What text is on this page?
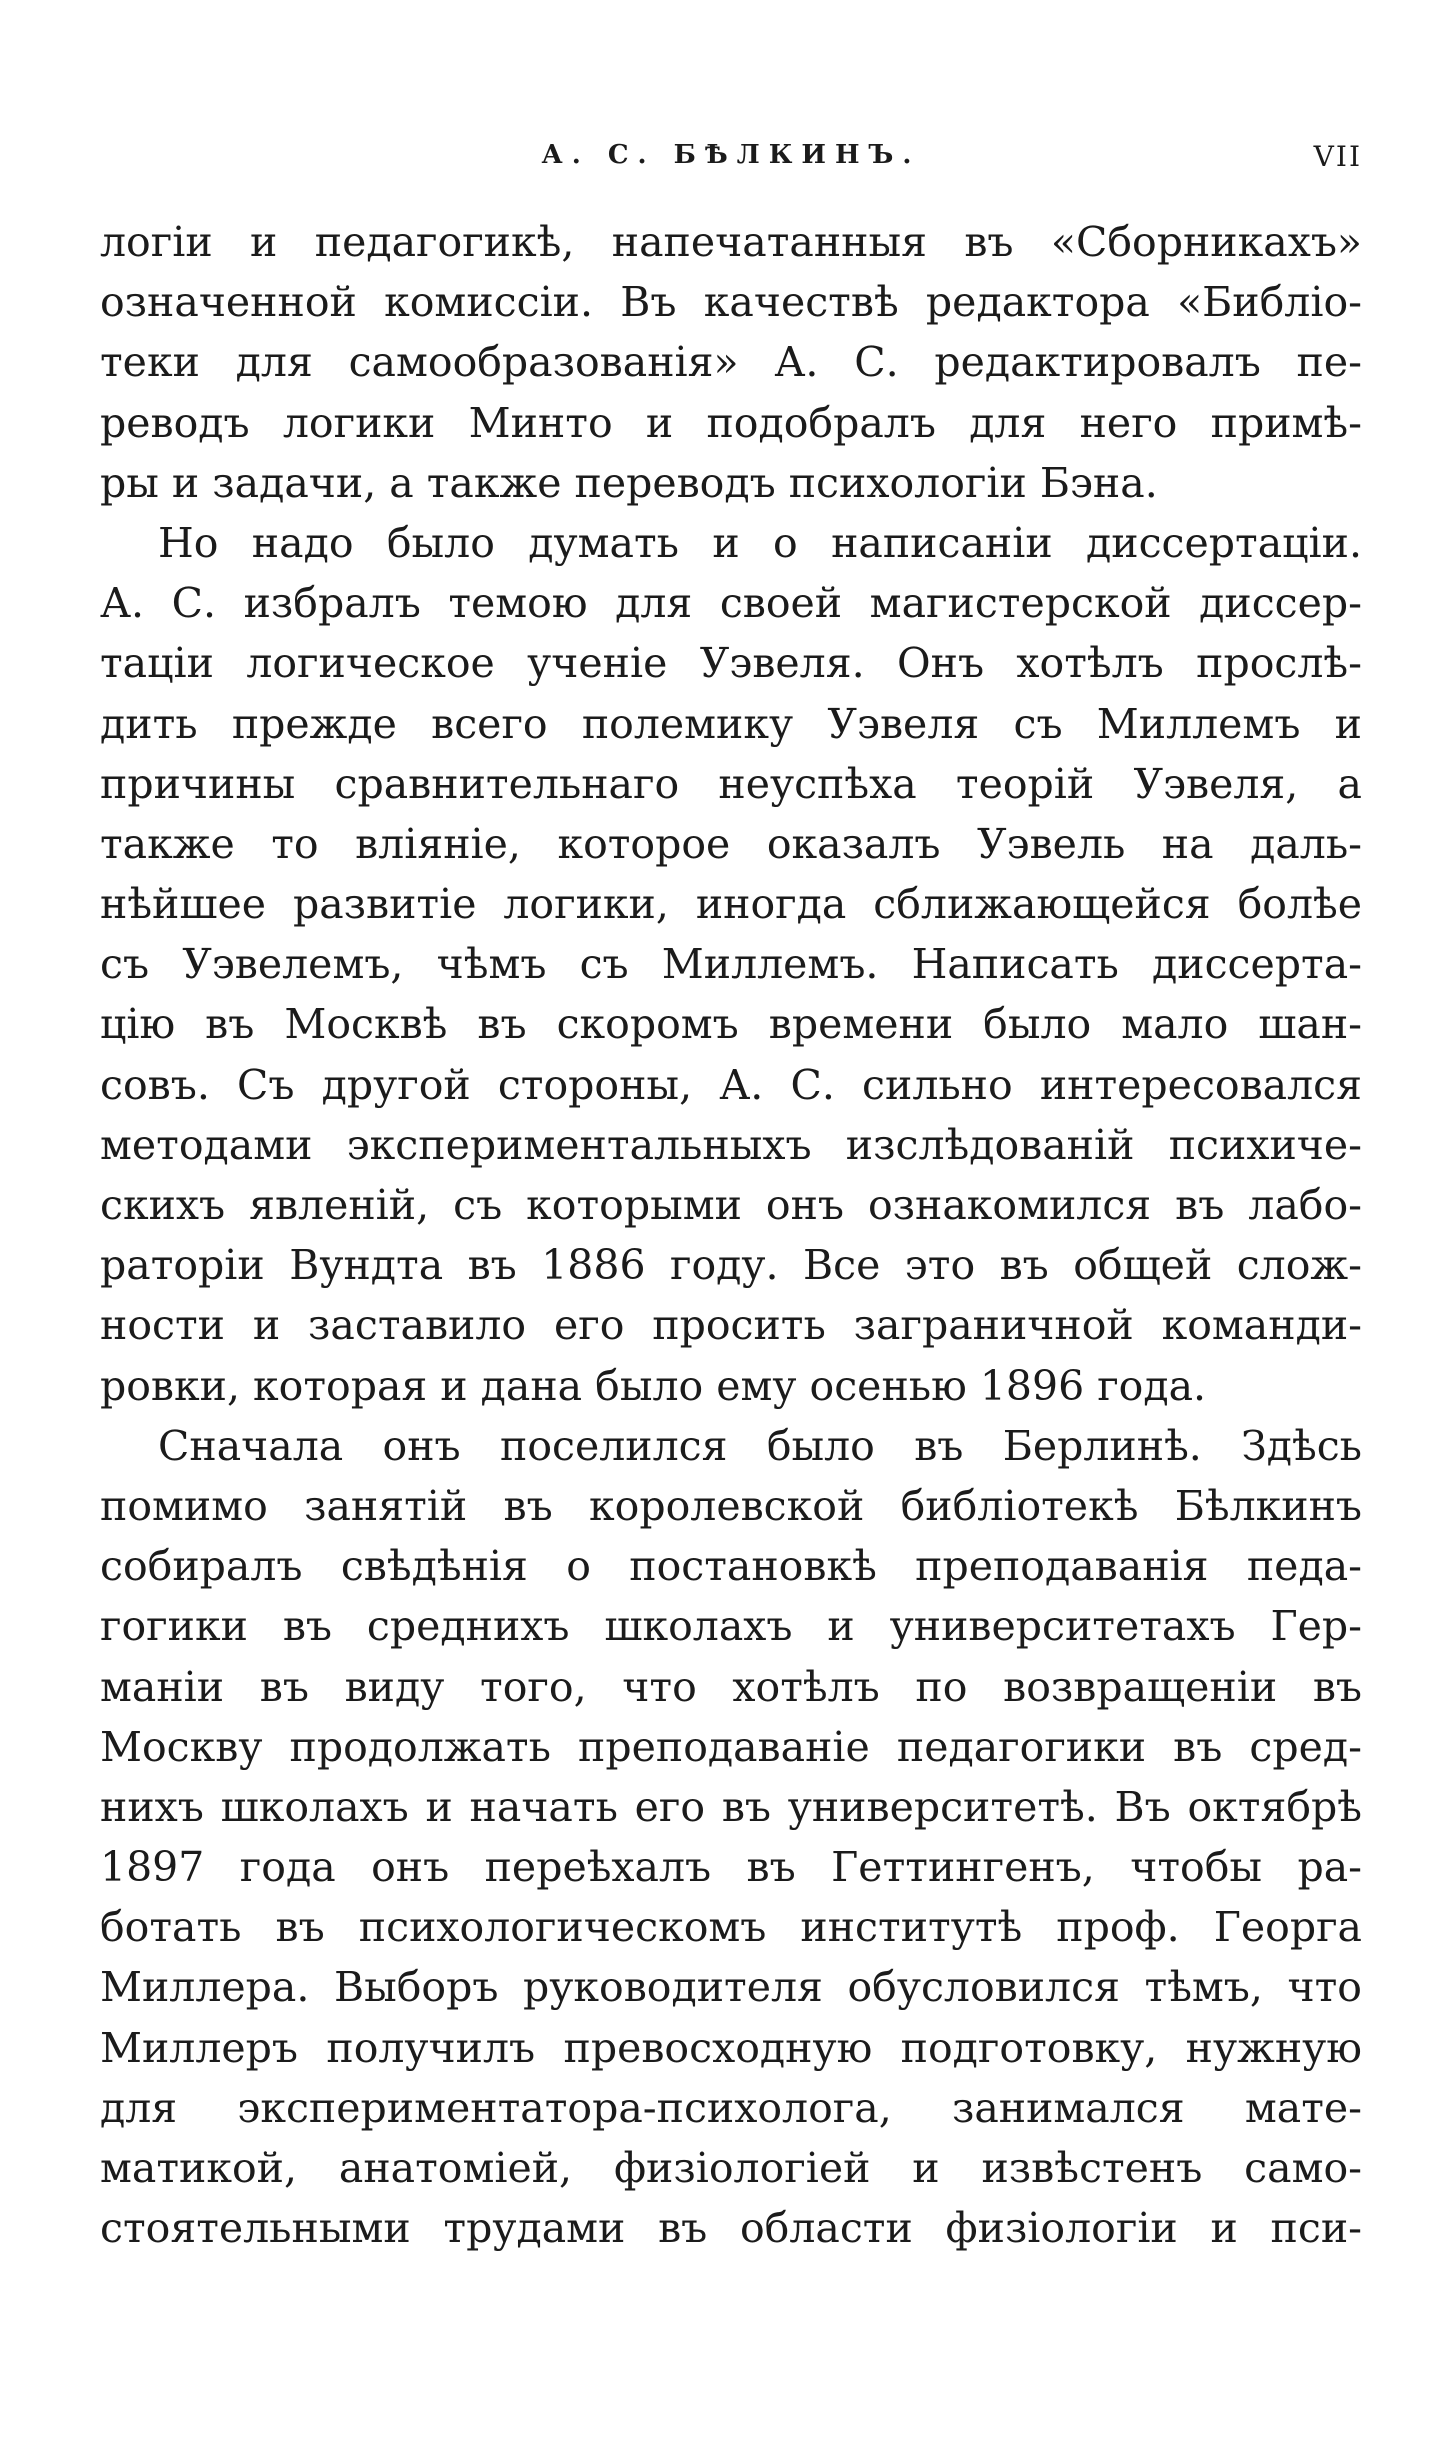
А. С. БѢЛКИНЪ.	VII
логіи и педагогикѣ, напечатанныя въ «Сборникахъ»
означенной комиссіи. Въ качествѣ редактора «Библіо-
теки для самообразованія» А. С. редактировалъ пе-
реводъ логики Минто и подобралъ для него примѣ-
ры и задачи, а также переводъ психологіи Бэна.
Но надо было думать и о написаніи диссертаціи.
А. С. избралъ темою для своей магистерской диссер-
таціи логическое ученіе Уэвеля. Онъ хотѣлъ прослѣ-
дить прежде всего полемику Уэвеля съ Миллемъ и
причины сравнительнаго неуспѣха теорій Уэвеля, а
также то вліяніе, которое оказалъ Уэвель на даль-
нѣйшее развитіе логики, иногда сближающейся болѣе
съ Уэвелемъ, чѣмъ съ Миллемъ. Написать диссерта-
цію въ Москвѣ въ скоромъ времени было мало шан-
совъ. Съ другой стороны, А. С. сильно интересовался
методами экспериментальныхъ изслѣдованій психиче-
скихъ явленій, съ которыми онъ ознакомился въ лабо-
раторіи Вундта въ 1886 году. Все это въ общей слож-
ности и заставило его просить заграничной команди-
ровки, которая и дана было ему осенью 1896 года.
Сначала онъ поселился было въ Берлинѣ. Здѣсь
помимо занятій въ королевской библіотекѣ Бѣлкинъ
собиралъ свѣдѣнія о постановкѣ преподаванія педа-
гогики въ среднихъ школахъ и университетахъ Гер-
маніи въ виду того, что хотѣлъ по возвращеніи въ
Москву продолжать преподаваніе педагогики въ сред-
нихъ школахъ и начать его въ университетѣ. Въ октябрѣ
1897 года онъ переѣхалъ въ Геттингенъ, чтобы ра-
ботать въ психологическомъ институтѣ проф. Георга
Миллера. Выборъ руководителя обусловился тѣмъ, что
Миллеръ получилъ превосходную подготовку, нужную
для экспериментатора-психолога, занимался мате-
матикой, анатоміей, физіологіей и извѣстенъ само-
стоятельными трудами въ области физіологіи и пси-
